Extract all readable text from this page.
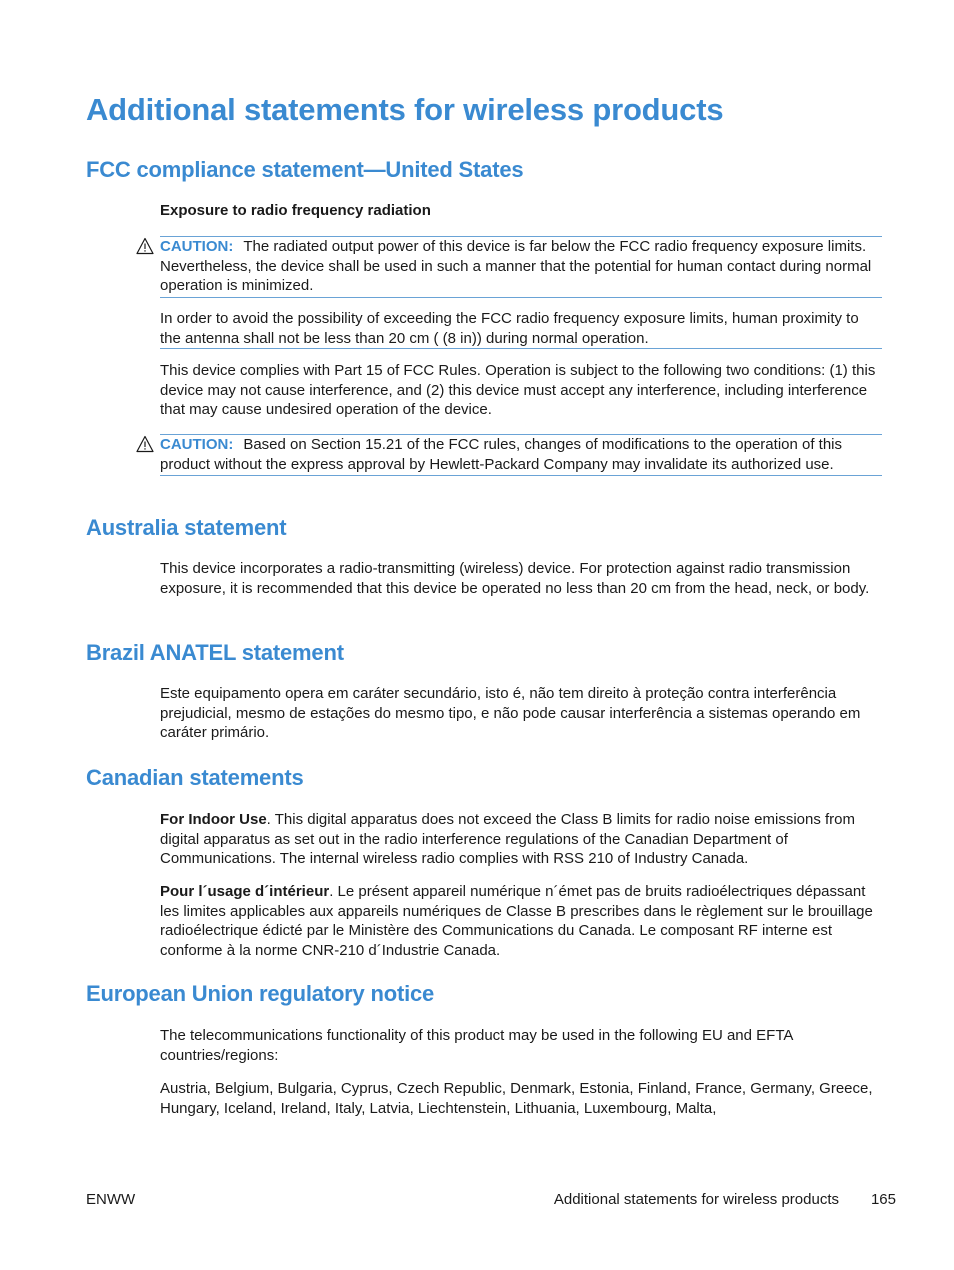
Additional statements for wireless products
FCC compliance statement—United States

Exposure to radio frequency radiation

CAUTION: The radiated output power of this device is far below the FCC radio frequency exposure limits. Nevertheless, the device shall be used in such a manner that the potential for human contact during normal operation is minimized.

In order to avoid the possibility of exceeding the FCC radio frequency exposure limits, human proximity to the antenna shall not be less than 20 cm ( (8 in)) during normal operation.

This device complies with Part 15 of FCC Rules. Operation is subject to the following two conditions: (1) this device may not cause interference, and (2) this device must accept any interference, including interference that may cause undesired operation of the device.

CAUTION: Based on Section 15.21 of the FCC rules, changes of modifications to the operation of this product without the express approval by Hewlett-Packard Company may invalidate its authorized use.

Australia statement

This device incorporates a radio-transmitting (wireless) device. For protection against radio transmission exposure, it is recommended that this device be operated no less than 20 cm from the head, neck, or body.

Brazil ANATEL statement

Este equipamento opera em caráter secundário, isto é, não tem direito à proteção contra interferência prejudicial, mesmo de estações do mesmo tipo, e não pode causar interferência a sistemas operando em caráter primário.

Canadian statements

For Indoor Use. This digital apparatus does not exceed the Class B limits for radio noise emissions from digital apparatus as set out in the radio interference regulations of the Canadian Department of Communications. The internal wireless radio complies with RSS 210 of Industry Canada.

Pour l´usage d´intérieur. Le présent appareil numérique n´émet pas de bruits radioélectriques dépassant les limites applicables aux appareils numériques de Classe B prescribes dans le règlement sur le brouillage radioélectrique édicté par le Ministère des Communications du Canada. Le composant RF interne est conforme à la norme CNR-210 d´Industrie Canada.

European Union regulatory notice

The telecommunications functionality of this product may be used in the following EU and EFTA countries/regions:

Austria, Belgium, Bulgaria, Cyprus, Czech Republic, Denmark, Estonia, Finland, France, Germany, Greece, Hungary, Iceland, Ireland, Italy, Latvia, Liechtenstein, Lithuania, Luxembourg, Malta,

ENWW	Additional statements for wireless products 165
